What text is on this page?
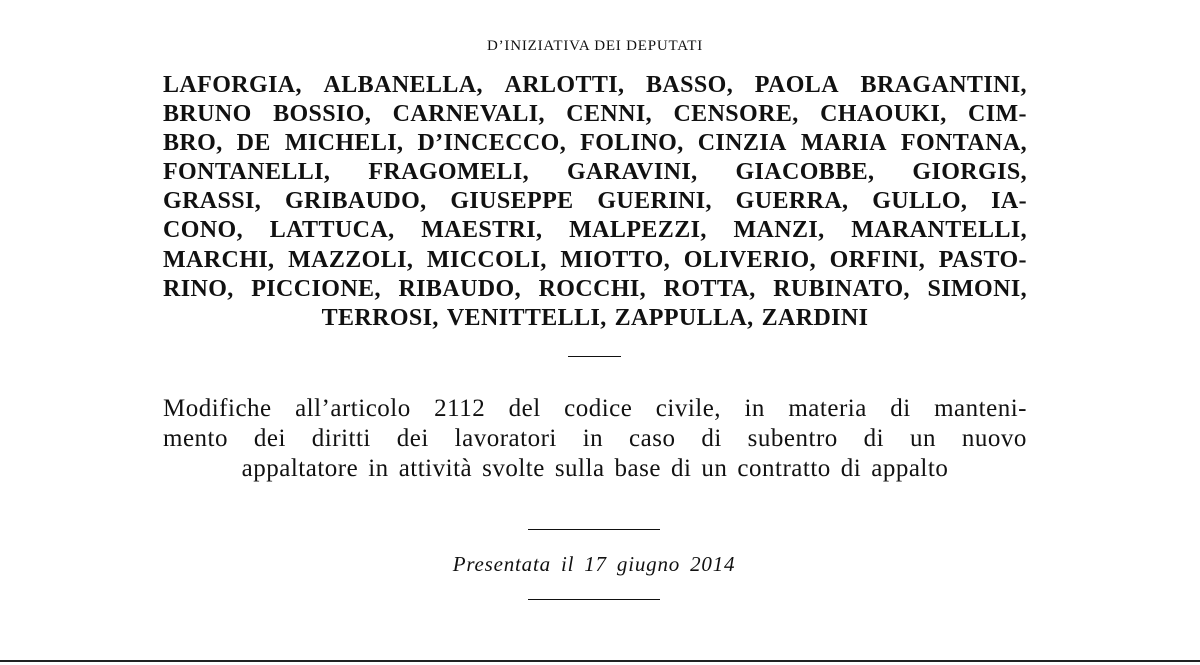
D’INIZIATIVA DEI DEPUTATI
LAFORGIA, ALBANELLA, ARLOTTI, BASSO, PAOLA BRAGANTINI,
BRUNO BOSSIO, CARNEVALI, CENNI, CENSORE, CHAOUKI, CIM-
BRO, DE MICHELI, D’INCECCO, FOLINO, CINZIA MARIA FONTANA,
FONTANELLI, FRAGOMELI, GARAVINI, GIACOBBE, GIORGIS,
GRASSI, GRIBAUDO, GIUSEPPE GUERINI, GUERRA, GULLO, IA-
CONO, LATTUCA, MAESTRI, MALPEZZI, MANZI, MARANTELLI,
MARCHI, MAZZOLI, MICCOLI, MIOTTO, OLIVERIO, ORFINI, PASTO-
RINO, PICCIONE, RIBAUDO, ROCCHI, ROTTA, RUBINATO, SIMONI,
TERROSI, VENITTELLI, ZAPPULLA, ZARDINI
Modifiche all’articolo 2112 del codice civile, in materia di manteni-
mento dei diritti dei lavoratori in caso di subentro di un nuovo
appaltatore in attività svolte sulla base di un contratto di appalto
Presentata il 17 giugno 2014
